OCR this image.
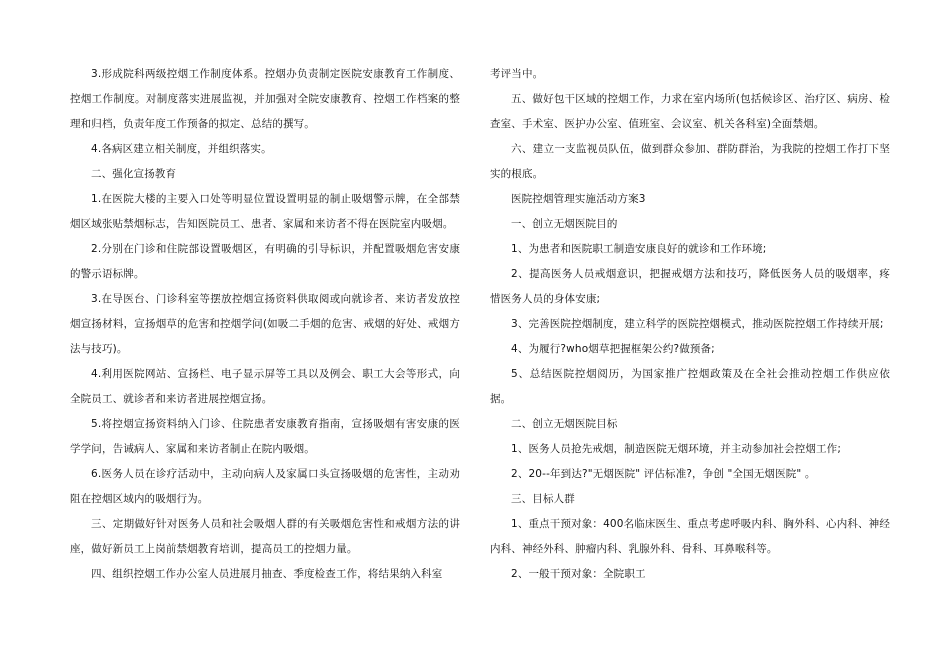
3.形成院科两级控烟工作制度体系。控烟办负责制定医院安康教育工作制度、控烟工作制度。对制度落实进展监视，并加强对全院安康教育、控烟工作档案的整理和归档，负责年度工作预备的拟定、总结的撰写。

4.各病区建立相关制度，并组织落实。

二、强化宣扬教育

1.在医院大楼的主要入口处等明显位置设置明显的制止吸烟警示牌，在全部禁烟区域张贴禁烟标志，告知医院员工、患者、家属和来访者不得在医院室内吸烟。

2.分别在门诊和住院部设置吸烟区，有明确的引导标识，并配置吸烟危害安康的警示语标牌。

3.在导医台、门诊科室等摆放控烟宣扬资料供取阅或向就诊者、来访者发放控烟宣扬材料，宣扬烟草的危害和控烟学问(如吸二手烟的危害、戒烟的好处、戒烟方法与技巧)。

4.利用医院网站、宣扬栏、电子显示屏等工具以及例会、职工大会等形式，向全院员工、就诊者和来访者进展控烟宣扬。

5.将控烟宣扬资料纳入门诊、住院患者安康教育指南，宣扬吸烟有害安康的医学学问，告诫病人、家属和来访者制止在院内吸烟。

6.医务人员在诊疗活动中，主动向病人及家属口头宣扬吸烟的危害性，主动劝阻在控烟区域内的吸烟行为。

三、定期做好针对医务人员和社会吸烟人群的有关吸烟危害性和戒烟方法的讲座，做好新员工上岗前禁烟教育培训，提高员工的控烟力量。

四、组织控烟工作办公室人员进展月抽查、季度检查工作，将结果纳入科室

考评当中。

五、做好包干区域的控烟工作，力求在室内场所(包括候诊区、治疗区、病房、检查室、手术室、医护办公室、值班室、会议室、机关各科室)全面禁烟。

六、建立一支监视员队伍，做到群众参加、群防群治，为我院的控烟工作打下坚实的根底。

医院控烟管理实施活动方案3

一、创立无烟医院目的

1、为患者和医院职工制造安康良好的就诊和工作环境;

2、提高医务人员戒烟意识，把握戒烟方法和技巧，降低医务人员的吸烟率，疼惜医务人员的身体安康;

3、完善医院控烟制度，建立科学的医院控烟模式，推动医院控烟工作持续开展;

4、为履行?who烟草把握框架公约?做预备;

5、总结医院控烟阅历，为国家推广控烟政策及在全社会推动控烟工作供应依据。

二、创立无烟医院目标

1、医务人员抢先戒烟，制造医院无烟环境，并主动参加社会控烟工作;

2、20--年到达?"无烟医院" 评估标准?，争创 "全国无烟医院" 。

三、目标人群

1、重点干预对象：400名临床医生、重点考虑呼吸内科、胸外科、心内科、神经内科、神经外科、肿瘤内科、乳腺外科、骨科、耳鼻喉科等。

2、一般干预对象：全院职工
